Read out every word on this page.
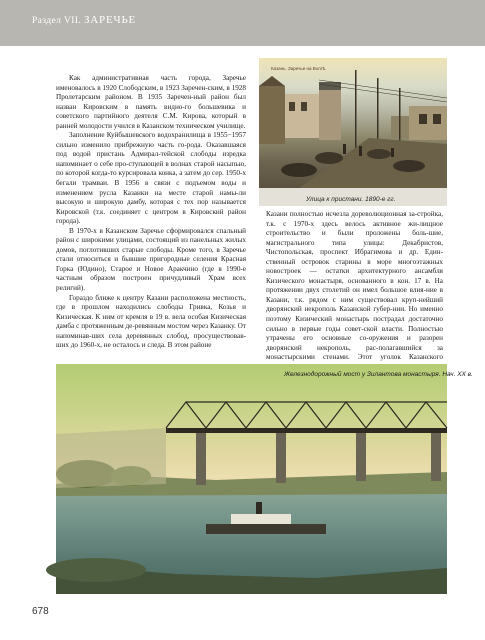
Раздел VII. ЗАРЕЧЬЕ

Как административная часть города, Заречье именовалось в 1920 Слободским, в 1923 Заречен-ским, в 1928 Пролетарским районом. В 1935 Заречен-ный район был назван Кировским в память видно-го большевика и советского партийного деятеля С.М. Кирова, который в ранней молодости учился в Казанском техническом училище.

Заполнение Куйбышевского водохранилища в 1955−1957 сильно изменило прибрежную часть го-рода. Оказавшаяся под водой пристань Адмирал-тейской слободы изредка напоминает о себе про-ступающей в волнах старой насыпью, по которой когда-то курсировала конка, а затем до сер. 1950-х бегали трамваи. В 1956 в связи с подъемом воды и изменением русла Казанки на месте старой намы-ли высокую и широкую дамбу, которая с тех пор называется Кировской (т.к. соединяет с центром в Кировский район города).

В 1970-х в Казанском Заречье сформировался спальный район с широкими улицами, состоящий из панельных жилых домов, поглотивших старые слободы. Кроме того, в Заречье стали относиться и бывшие пригородные селения Красная Горка (Юдино), Старое и Новое Аракчино (где в 1990-е частным образом построен причудливый Храм всех религий).

Гораздо ближе к центру Казани расположена местность, где в прошлом находились слободы Гривка, Козья и Кизическая. К ним от кремля в 19 в. вела особая Кизическая дамба с протяженным де-ревянным мостом через Казанку. От напоминав-ших села деревянных слобод, просуществовав-ших до 1960-х, не осталось и следа. В этом районе

Казань. Заречье на Волгѣ.
Улица к пристани. 1890-е гг.

Казани полностью исчезла дореволюционная за-стройка, т.к. с 1970-х здесь велось активное жи-лищное строительство и были проложены боль-шие, магистрального типа улицы: Декабристов, Чистопольская, проспект Ибрагимова и др. Един-ственный островок старины в море многоэтажных новостроек — остатки архитектурного ансамбля Кизического монастыря, основанного в кон. 17 в. На протяжении двух столетий он имел большое влия-ние в Казани, т.к. рядом с ним существовал круп-нейший дворянский некрополь Казанской губер-нии. Но именно поэтому Кизический монастырь пострадал достаточно сильно в первые годы совет-ской власти. Полностью утрачены его основные со-оружения и разорен дворянский некрополь, рас-полагавшийся за монастырскими стенами. Этот уголок Казанского

Железнодорожный мост у Зилантова монастыря. Нач. XX в.
678
